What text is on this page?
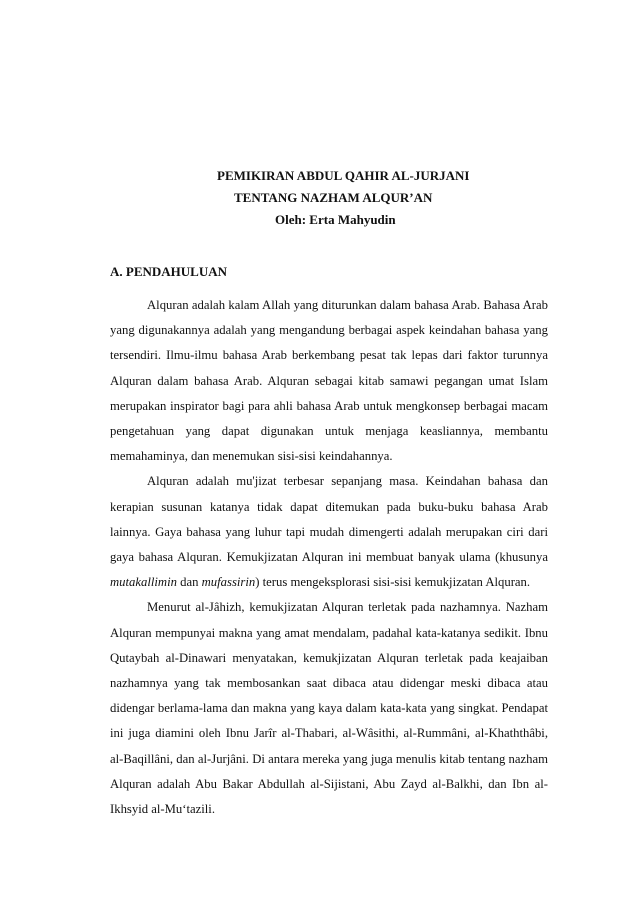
PEMIKIRAN ABDUL QAHIR AL-JURJANI
TENTANG NAZHAM ALQUR’AN
Oleh: Erta Mahyudin
A. PENDAHULUAN

Alquran adalah kalam Allah yang diturunkan dalam bahasa Arab. Bahasa Arab yang digunakannya adalah yang mengandung berbagai aspek keindahan bahasa yang tersendiri. Ilmu-ilmu bahasa Arab berkembang pesat tak lepas dari faktor turunnya Alquran dalam bahasa Arab. Alquran sebagai kitab samawi pegangan umat Islam merupakan inspirator bagi para ahli bahasa Arab untuk mengkonsep berbagai macam pengetahuan yang dapat digunakan untuk menjaga keasliannya, membantu memahaminya, dan menemukan sisi-sisi keindahannya.

Alquran adalah mu'jizat terbesar sepanjang masa. Keindahan bahasa dan kerapian susunan katanya tidak dapat ditemukan pada buku-buku bahasa Arab lainnya. Gaya bahasa yang luhur tapi mudah dimengerti adalah merupakan ciri dari gaya bahasa Alquran. Kemukjizatan Alquran ini membuat banyak ulama (khusunya mutakallimin dan mufassirin) terus mengeksplorasi sisi-sisi kemukjizatan Alquran.

Menurut al-Jâhizh, kemukjizatan Alquran terletak pada nazhamnya. Nazham Alquran mempunyai makna yang amat mendalam, padahal kata-katanya sedikit. Ibnu Qutaybah al-Dinawari menyatakan, kemukjizatan Alquran terletak pada keajaiban nazhamnya yang tak membosankan saat dibaca atau didengar meski dibaca atau didengar berlama-lama dan makna yang kaya dalam kata-kata yang singkat. Pendapat ini juga diamini oleh Ibnu Jarîr al-Thabari, al-Wâsithi, al-Rummâni, al-Khaththâbi, al-Baqillâni, dan al-Jurjâni. Di antara mereka yang juga menulis kitab tentang nazham Alquran adalah Abu Bakar Abdullah al-Sijistani, Abu Zayd al-Balkhi, dan Ibn al-Ikhsyid al-Mu‘tazili.
